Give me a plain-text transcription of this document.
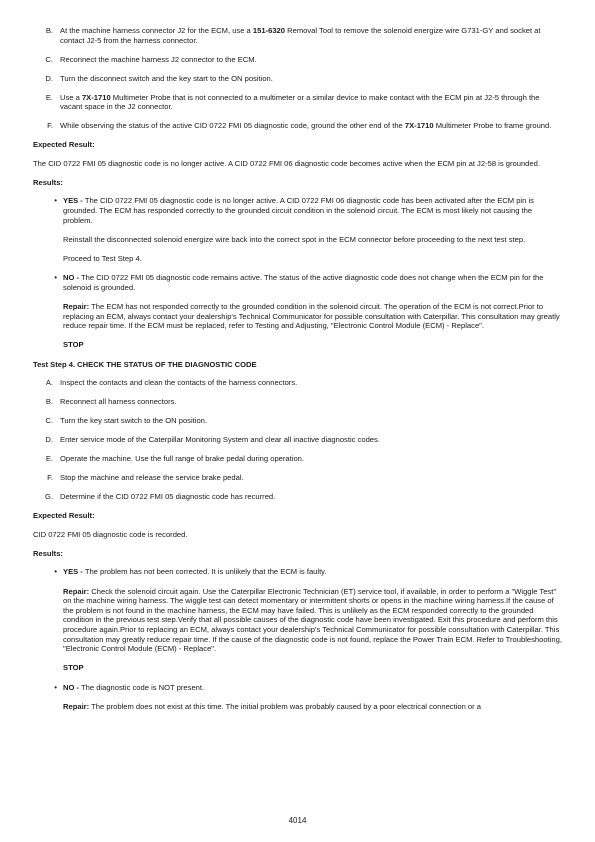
B. At the machine harness connector J2 for the ECM, use a 151-6320 Removal Tool to remove the solenoid energize wire G731-GY and socket at contact J2-5 from the harness connector.
C. Reconnect the machine harness J2 connector to the ECM.
D. Turn the disconnect switch and the key start to the ON position.
E. Use a 7X-1710 Multimeter Probe that is not connected to a multimeter or a similar device to make contact with the ECM pin at J2-5 through the vacant space in the J2 connector.
F. While observing the status of the active CID 0722 FMI 05 diagnostic code, ground the other end of the 7X-1710 Multimeter Probe to frame ground.

Expected Result:

The CID 0722 FMI 05 diagnostic code is no longer active. A CID 0722 FMI 06 diagnostic code becomes active when the ECM pin at J2-58 is grounded.

Results:

• YES - The CID 0722 FMI 05 diagnostic code is no longer active. A CID 0722 FMI 06 diagnostic code has been activated after the ECM pin is grounded. The ECM has responded correctly to the grounded circuit condition in the solenoid circuit. The ECM is most likely not causing the problem.

Reinstall the disconnected solenoid energize wire back into the correct spot in the ECM connector before proceeding to the next test step.

Proceed to Test Step 4.

• NO - The CID 0722 FMI 05 diagnostic code remains active. The status of the active diagnostic code does not change when the ECM pin for the solenoid is grounded.

Repair: The ECM has not responded correctly to the grounded condition in the solenoid circuit. The operation of the ECM is not correct.Prior to replacing an ECM, always contact your dealership's Technical Communicator for possible consultation with Caterpillar. This consultation may greatly reduce repair time. If the ECM must be replaced, refer to Testing and Adjusting, "Electronic Control Module (ECM) - Replace".

STOP

Test Step 4. CHECK THE STATUS OF THE DIAGNOSTIC CODE

A. Inspect the contacts and clean the contacts of the harness connectors.
B. Reconnect all harness connectors.
C. Turn the key start switch to the ON position.
D. Enter service mode of the Caterpillar Monitoring System and clear all inactive diagnostic codes.
E. Operate the machine. Use the full range of brake pedal during operation.
F. Stop the machine and release the service brake pedal.
G. Determine if the CID 0722 FMI 05 diagnostic code has recurred.

Expected Result:

CID 0722 FMI 05 diagnostic code is recorded.

Results:

• YES - The problem has not been corrected. It is unlikely that the ECM is faulty.

Repair: Check the solenoid circuit again. Use the Caterpillar Electronic Technician (ET) service tool, if available, in order to perform a "Wiggle Test" on the machine wiring harness. The wiggle test can detect momentary or intermittent shorts or opens in the machine wiring harness.If the cause of the problem is not found in the machine harness, the ECM may have failed. This is unlikely as the ECM responded correctly to the grounded condition in the previous test step.Verify that all possible causes of the diagnostic code have been investigated. Exit this procedure and perform this procedure again.Prior to replacing an ECM, always contact your dealership's Technical Communicator for possible consultation with Caterpillar. This consultation may greatly reduce repair time. If the cause of the diagnostic code is not found, replace the Power Train ECM. Refer to Troubleshooting, "Electronic Control Module (ECM) - Replace".

STOP

• NO - The diagnostic code is NOT present.

Repair: The problem does not exist at this time. The initial problem was probably caused by a poor electrical connection or a

4014
